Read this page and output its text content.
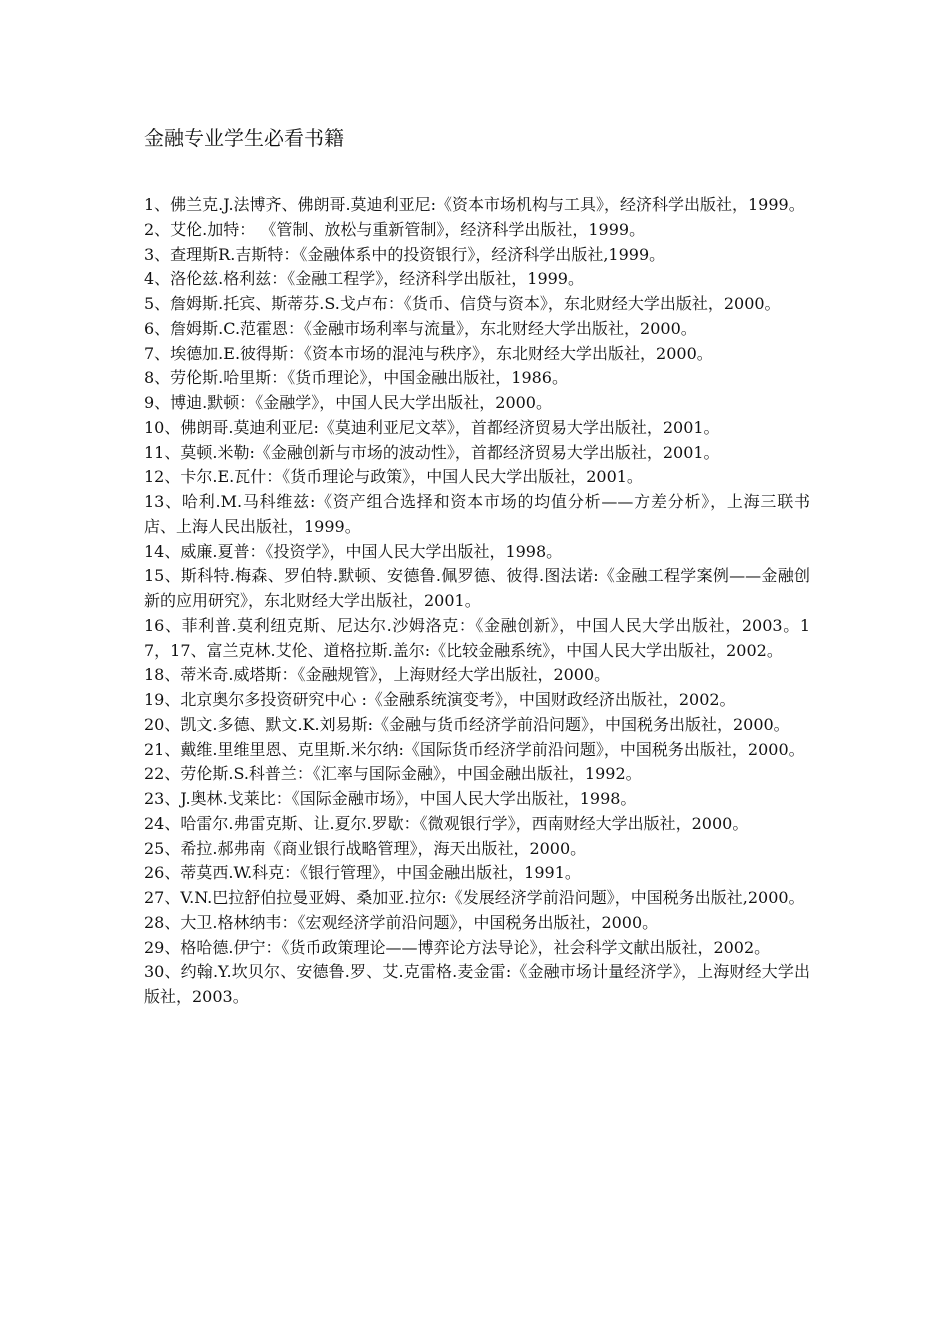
金融专业学生必看书籍
1、佛兰克.J.法博齐、佛朗哥.莫迪利亚尼:《资本市场机构与工具》，经济科学出版社，1999。
2、艾伦.加特： 《管制、放松与重新管制》，经济科学出版社，1999。
3、查理斯R.吉斯特：《金融体系中的投资银行》，经济科学出版社,1999。
4、洛伦兹.格利兹：《金融工程学》，经济科学出版社，1999。
5、詹姆斯.托宾、斯蒂芬.S.戈卢布：《货币、信贷与资本》，东北财经大学出版社，2000。
6、詹姆斯.C.范霍恩：《金融市场利率与流量》，东北财经大学出版社，2000。
7、埃德加.E.彼得斯：《资本市场的混沌与秩序》，东北财经大学出版社，2000。
8、劳伦斯.哈里斯：《货币理论》，中国金融出版社，1986。
9、博迪.默顿：《金融学》，中国人民大学出版社，2000。
10、佛朗哥.莫迪利亚尼:《莫迪利亚尼文萃》，首都经济贸易大学出版社，2001。
11、莫顿.米勒:《金融创新与市场的波动性》，首都经济贸易大学出版社，2001。
12、卡尔.E.瓦什：《货币理论与政策》，中国人民大学出版社，2001。
13、哈利.M.马科维兹:《资产组合选择和资本市场的均值分析——方差分析》，上海三联书店、上海人民出版社，1999。
14、威廉.夏普：《投资学》，中国人民大学出版社，1998。
15、斯科特.梅森、罗伯特.默顿、安德鲁.佩罗德、彼得.图法诺:《金融工程学案例——金融创新的应用研究》，东北财经大学出版社，2001。
16、菲利普.莫利纽克斯、尼达尔.沙姆洛克：《金融创新》，中国人民大学出版社，2003。17，17、富兰克林.艾伦、道格拉斯.盖尔:《比较金融系统》，中国人民大学出版社，2002。
18、蒂米奇.威塔斯：《金融规管》，上海财经大学出版社，2000。
19、北京奥尔多投资研究中心 :《金融系统演变考》，中国财政经济出版社，2002。
20、凯文.多德、默文.K.刘易斯:《金融与货币经济学前沿问题》，中国税务出版社，2000。
21、戴维.里维里恩、克里斯.米尔纳:《国际货币经济学前沿问题》，中国税务出版社，2000。
22、劳伦斯.S.科普兰：《汇率与国际金融》，中国金融出版社，1992。
23、J.奥林.戈莱比：《国际金融市场》，中国人民大学出版社，1998。
24、哈雷尔.弗雷克斯、让.夏尔.罗歇：《微观银行学》，西南财经大学出版社，2000。
25、希拉.郝弗南《商业银行战略管理》，海天出版社，2000。
26、蒂莫西.W.科克：《银行管理》，中国金融出版社，1991。
27、V.N.巴拉舒伯拉曼亚姆、桑加亚.拉尔:《发展经济学前沿问题》，中国税务出版社,2000。
28、大卫.格林纳韦：《宏观经济学前沿问题》，中国税务出版社，2000。
29、格哈德.伊宁：《货币政策理论——博弈论方法导论》，社会科学文献出版社，2002。
30、约翰.Y.坎贝尔、安德鲁.罗、艾.克雷格.麦金雷:《金融市场计量经济学》，上海财经大学出版社，2003。
